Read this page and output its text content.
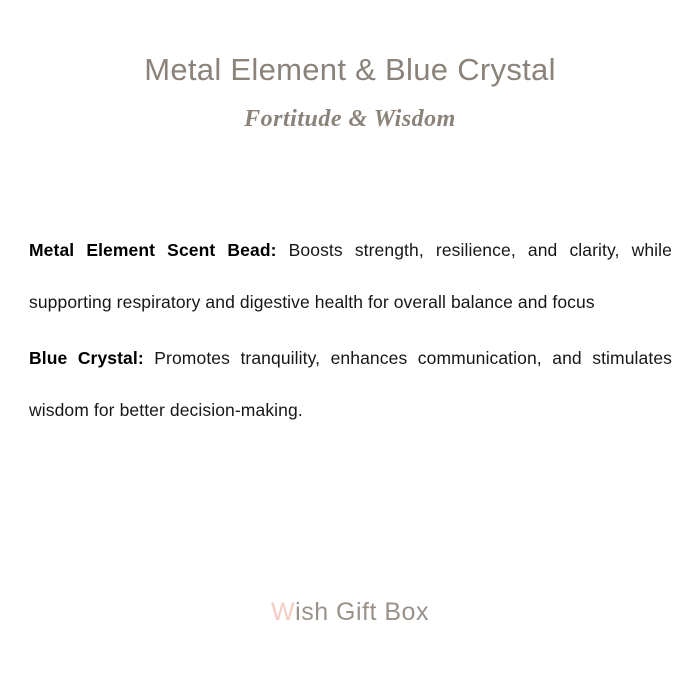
Metal Element & Blue Crystal
Fortitude & Wisdom

Metal Element Scent Bead: Boosts strength, resilience, and clarity, while supporting respiratory and digestive health for overall balance and focus

Blue Crystal: Promotes tranquility, enhances communication, and stimulates wisdom for better decision-making.

Wish Gift Box
